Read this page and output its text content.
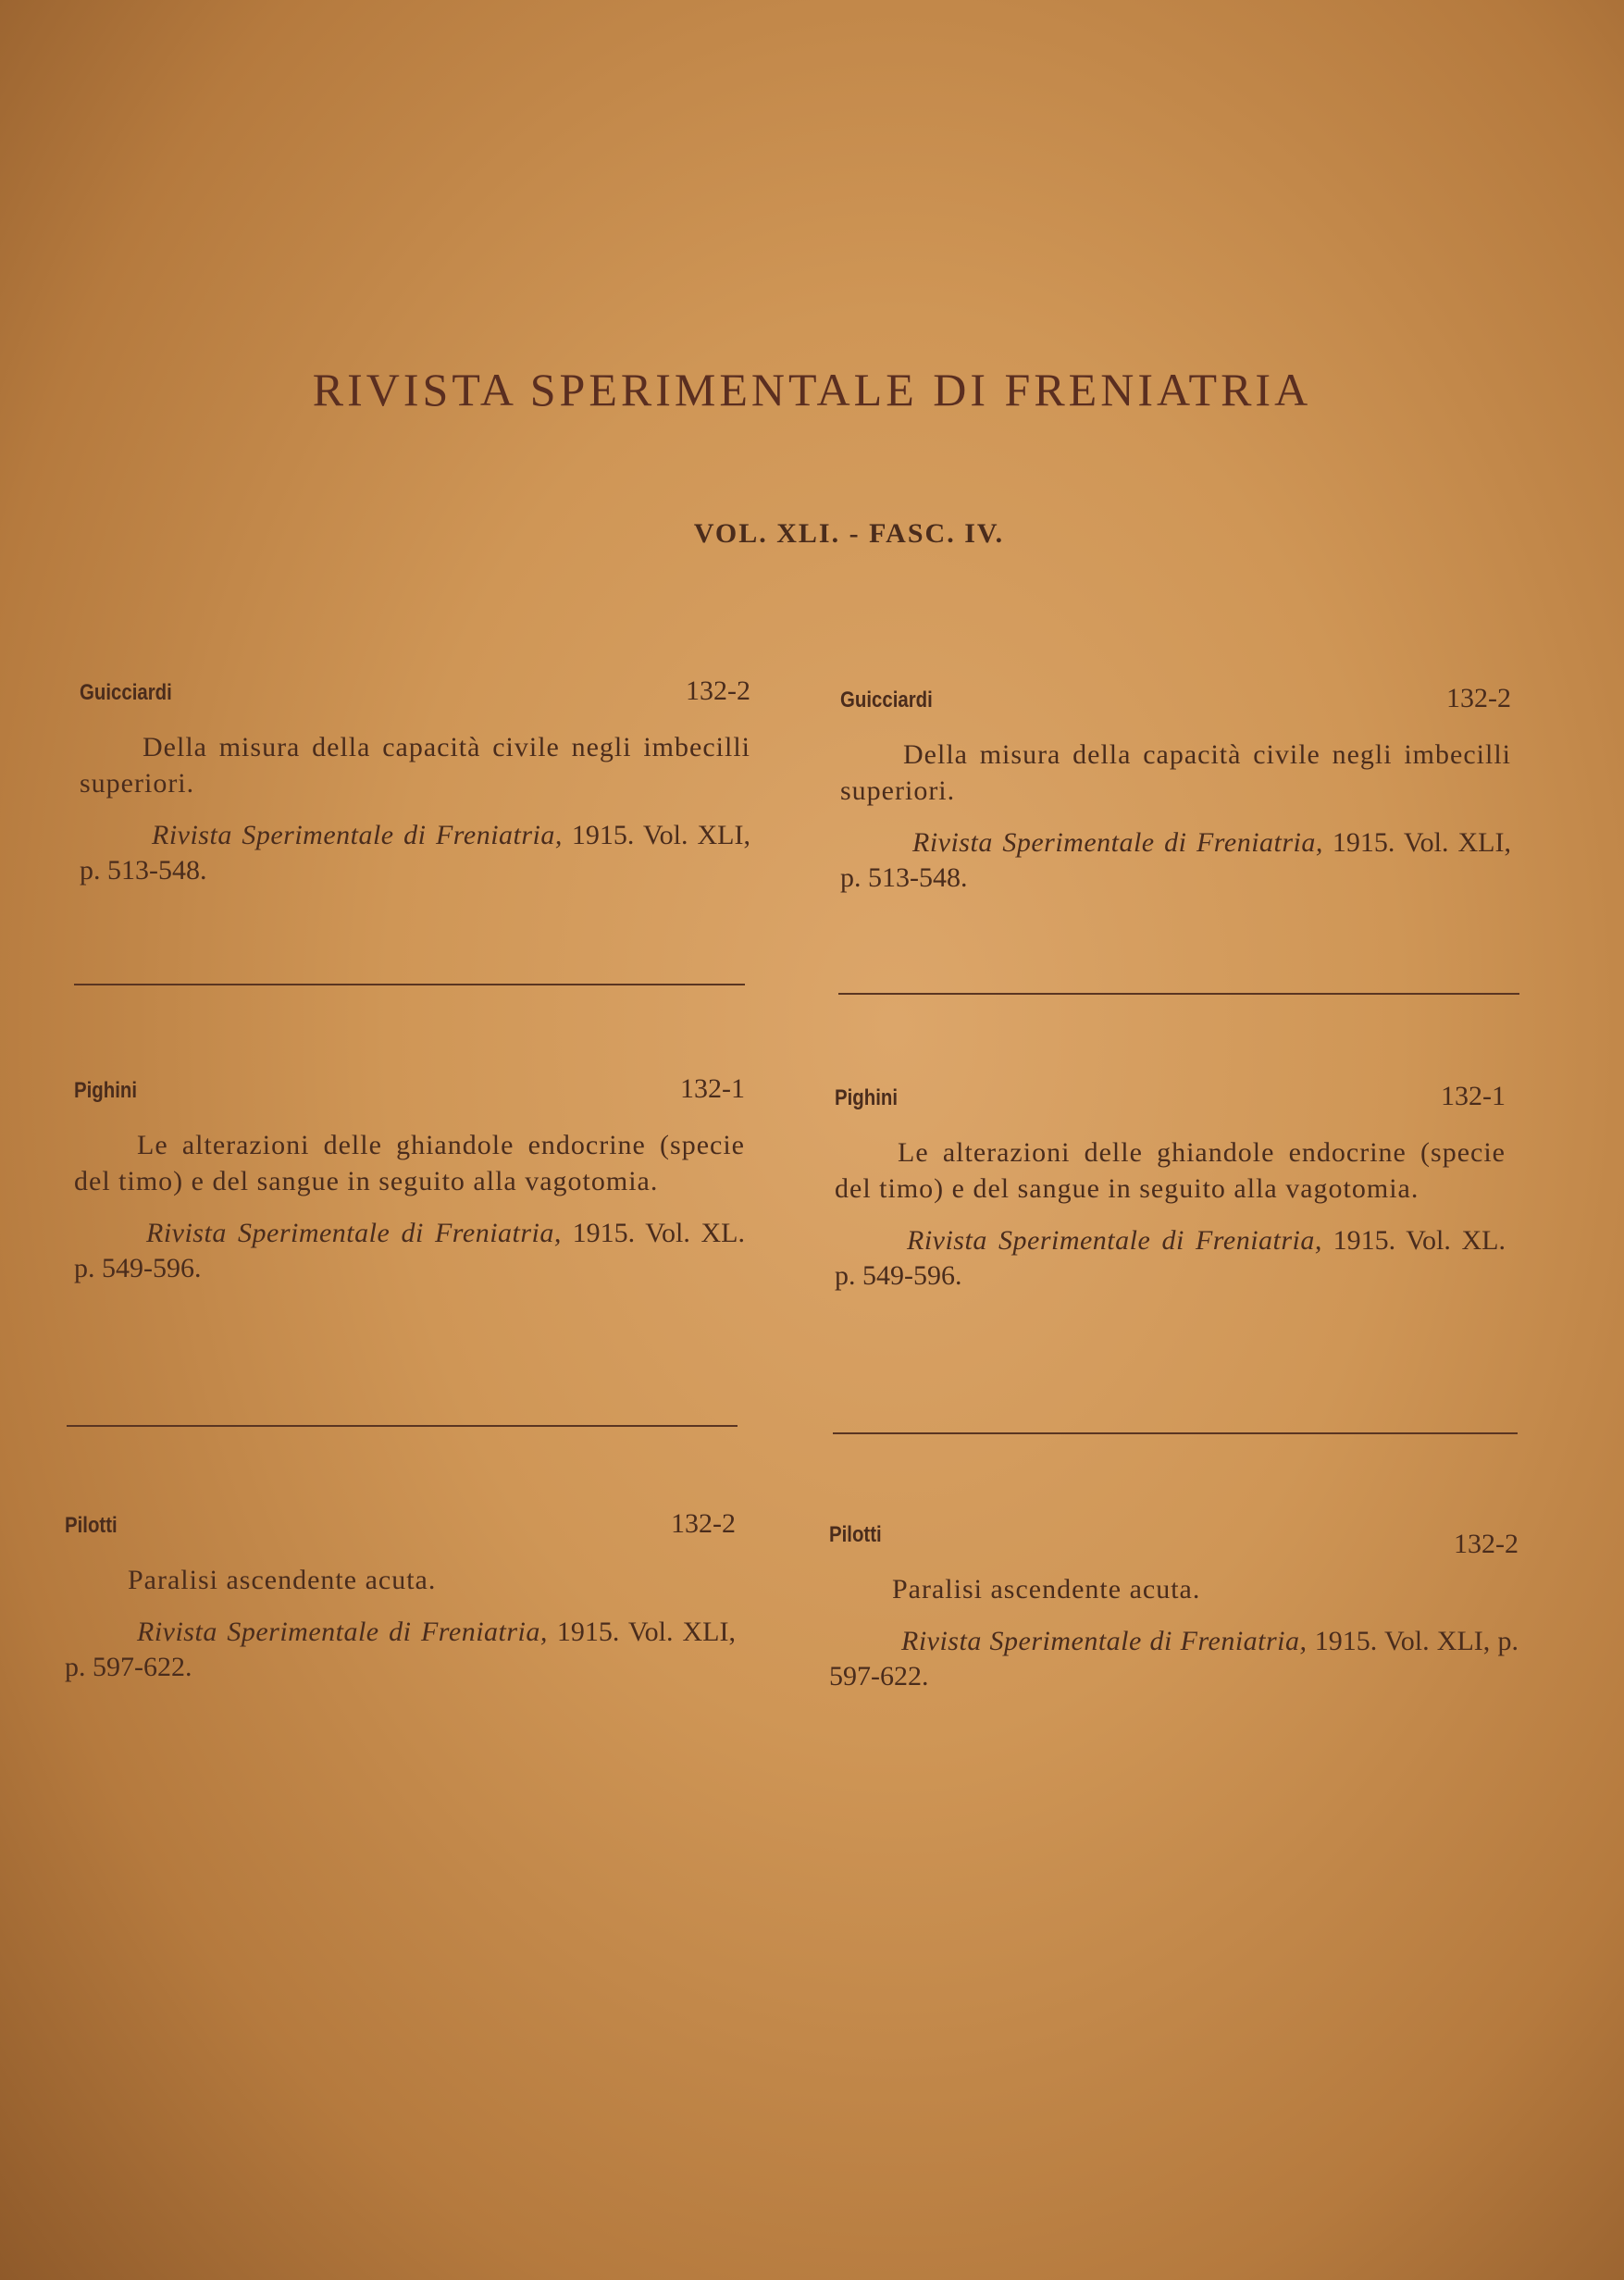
RIVISTA SPERIMENTALE DI FRENIATRIA
VOL. XLI. - FASC. IV.
Guicciardi	132-2
Della misura della capacità civile negli imbecilli superiori.
Rivista Sperimentale di Freniatria, 1915. Vol. XLI, p. 513-548.
Pighini	132-1
Le alterazioni delle ghiandole endocrine (specie del timo) e del sangue in seguito alla vagotomia.
Rivista Sperimentale di Freniatria, 1915. Vol. XL. p. 549-596.
Pilotti	132-2
Paralisi ascendente acuta.
Rivista Sperimentale di Freniatria, 1915. Vol. XLI, p. 597-622.
Guicciardi	132-2
Della misura della capacità civile negli imbecilli superiori.
Rivista Sperimentale di Freniatria, 1915. Vol. XLI, p. 513-548.
Pighini	132-1
Le alterazioni delle ghiandole endocrine (specie del timo) e del sangue in seguito alla vagotomia.
Rivista Sperimentale di Freniatria, 1915. Vol. XL. p. 549-596.
Pilotti	132-2
Paralisi ascendente acuta.
Rivista Sperimentale di Freniatria, 1915. Vol. XLI, p. 597-622.
